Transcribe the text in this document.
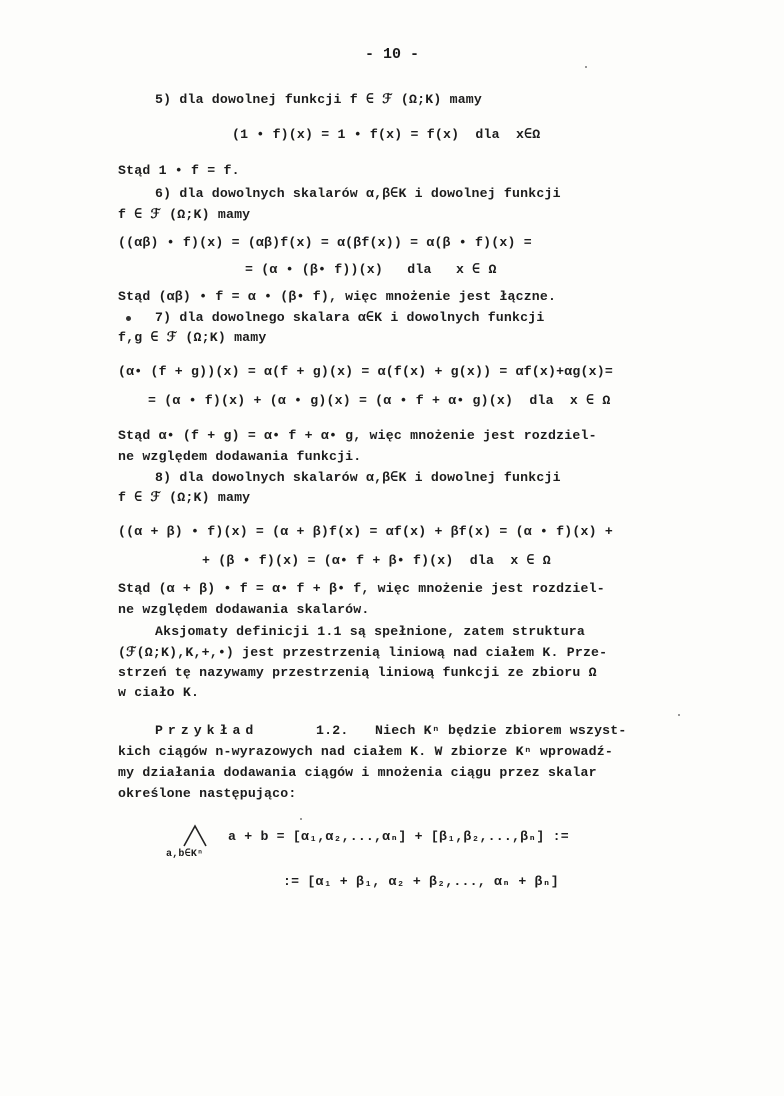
- 10 -
5) dla dowolnej funkcji f ∈ ℱ (Ω;K) mamy
(1 • f)(x) = 1 • f(x) = f(x)  dla  x∈Ω
Stąd 1 • f = f.
6) dla dowolnych skalarów α,β∈K i dowolnej funkcji
f ∈ ℱ (Ω;K) mamy
((αβ) • f)(x) = (αβ)f(x) = α(βf(x)) = α(β • f)(x) =
= (α • (β• f))(x)   dla   x ∈ Ω
Stąd (αβ) • f = α • (β• f), więc mnożenie jest łączne.
7) dla dowolnego skalara α∈K i dowolnych funkcji
f,g ∈ ℱ (Ω;K) mamy
(α• (f + g))(x) = α(f + g)(x) = α(f(x) + g(x)) = αf(x)+αg(x)=
= (α • f)(x) + (α • g)(x) = (α • f + α• g)(x)  dla  x ∈ Ω
Stąd α• (f + g) = α• f + α• g, więc mnożenie jest rozdziel-
ne względem dodawania funkcji.
8) dla dowolnych skalarów α,β∈K i dowolnej funkcji
f ∈ ℱ (Ω;K) mamy
((α + β) • f)(x) = (α + β)f(x) = αf(x) + βf(x) = (α • f)(x) +
+ (β • f)(x) = (α• f + β• f)(x)  dla  x ∈ Ω
Stąd (α + β) • f = α• f + β• f, więc mnożenie jest rozdziel-
ne względem dodawania skalarów.
Aksjomaty definicji 1.1 są spełnione, zatem struktura
(ℱ(Ω;K),K,+,•) jest przestrzenią liniową nad ciałem K. Prze-
strzeń tę nazywamy przestrzenią liniową funkcji ze zbioru Ω
w ciało K.
Przykład	1.2. Niech Kⁿ będzie zbiorem wszyst-
kich ciągów n-wyrazowych nad ciałem K. W zbiorze Kⁿ wprowadź-
my działania dodawania ciągów i mnożenia ciągu przez skalar
określone następująco:
a,b∈Kⁿ
a + b = [α₁,α₂,...,αₙ] + [β₁,β₂,...,βₙ] :=
:= [α₁ + β₁, α₂ + β₂,..., αₙ + βₙ]
